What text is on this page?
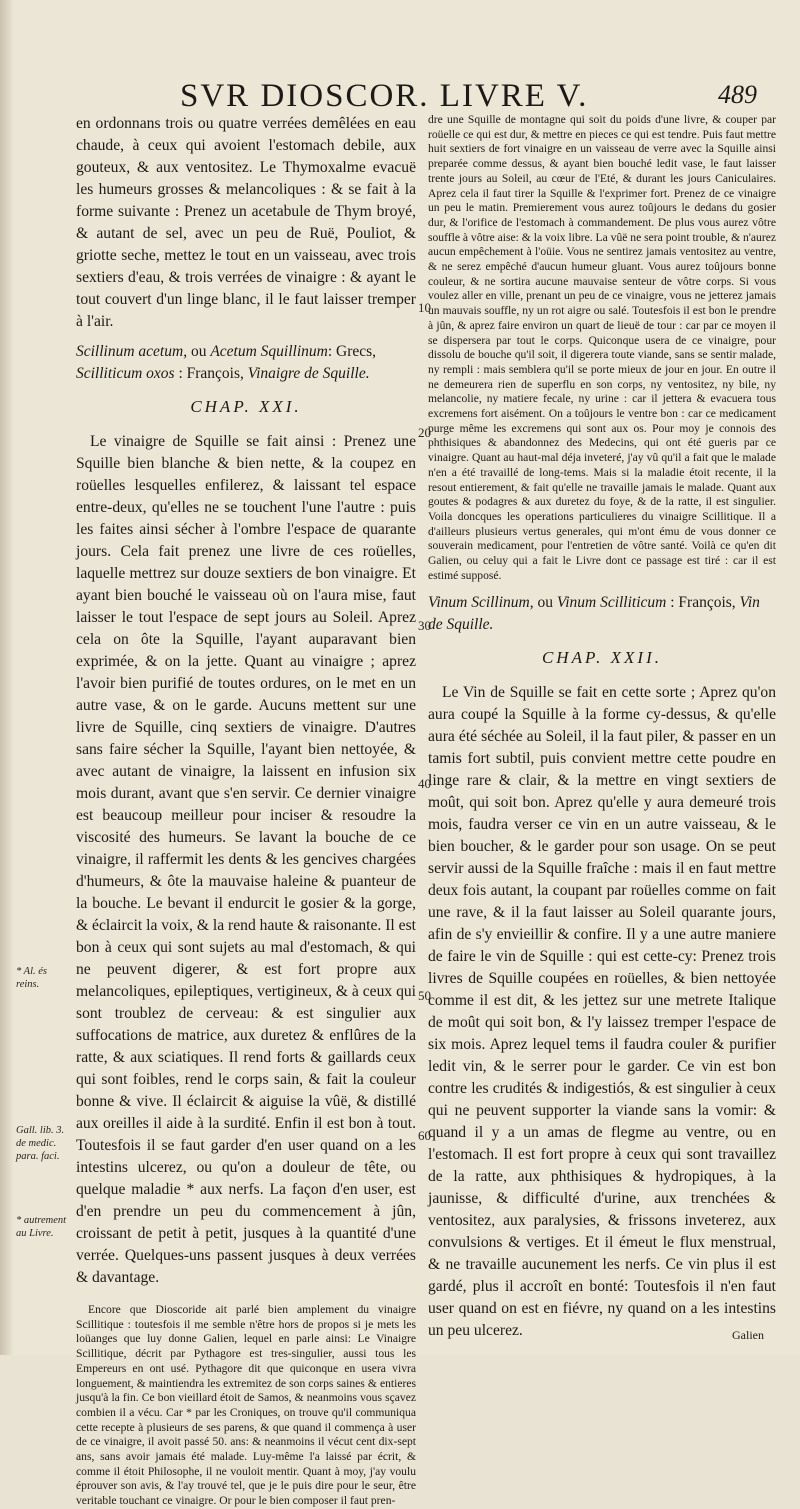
SVR DIOSCOR. LIVRE V.	489

en ordonnans trois ou quatre verrées demêlées en eau chaude, à ceux qui avoient l'estomach debile, aux gouteux, & aux ventositez. Le Thymoxalme evacuë les humeurs grosses & melancoliques : & se fait à la forme suivante : Prenez un acetabule de Thym broyé, & autant de sel, avec un peu de Ruë, Pouliot, & griotte seche, mettez le tout en un vaisseau, avec trois sextiers d'eau, & trois verrées de vinaigre : & ayant le tout couvert d'un linge blanc, il le faut laisser tremper à l'air.

Scillinum acetum, ou Acetum Squillinum: Grecs, Scilliticum oxos : François, Vinaigre de Squille.

CHAP. XXI.

Le vinaigre de Squille se fait ainsi : Prenez une Squille bien blanche & bien nette, & la coupez en roüelles lesquelles enfilerez, & laissant tel espace entre-deux, qu'elles ne se touchent l'une l'autre : puis les faites ainsi sécher à l'ombre l'espace de quarante jours. Cela fait prenez une livre de ces roüelles, laquelle mettrez sur douze sextiers de bon vinaigre. Et ayant bien bouché le vaisseau où on l'aura mise, faut laisser le tout l'espace de sept jours au Soleil. Aprez cela on ôte la Squille, l'ayant auparavant bien exprimée, & on la jette. Quant au vinaigre ; aprez l'avoir bien purifié de toutes ordures, on le met en un autre vase, & on le garde. Aucuns mettent sur une livre de Squille, cinq sextiers de vinaigre. D'autres sans faire sécher la Squille, l'ayant bien nettoyée, & avec autant de vinaigre, la laissent en infusion six mois durant, avant que s'en servir. Ce dernier vinaigre est beaucoup meilleur pour inciser & resoudre la viscosité des humeurs. Se lavant la bouche de ce vinaigre, il raffermit les dents & les gencives chargées d'humeurs, & ôte la mauvaise haleine & puanteur de la bouche. Le bevant il endurcit le gosier & la gorge, & éclaircit la voix, & la rend haute & raisonante. Il est bon à ceux qui sont sujets au mal d'estomach, & qui ne peuvent digerer, & est fort propre aux melancoliques, epileptiques, vertigineux, & à ceux qui sont troublez de cerveau: & est singulier aux suffocations de matrice, aux duretez & enflûres de la ratte, & aux sciatiques. Il rend forts & gaillards ceux qui sont foibles, rend le corps sain, & fait la couleur bonne & vive. Il éclaircit & aiguise la vûë, & distillé aux oreilles il aide à la surdité. Enfin il est bon à tout. Toutesfois il se faut garder d'en user quand on a les intestins ulcerez, ou qu'on a douleur de tête, ou quelque maladie * aux nerfs. La façon d'en user, est d'en prendre un peu du commencement à jûn, croissant de petit à petit, jusques à la quantité d'une verrée. Quelques-uns passent jusques à deux verrées & davantage.

Encore que Dioscoride ait parlé bien amplement du vinaigre Scillitique : toutesfois il me semble n'être hors de propos si je mets les loüanges que luy donne Galien, lequel en parle ainsi: Le Vinaigre Scillitique, décrit par Pythagore est tres-singulier, aussi tous les Empereurs en ont usé. Pythagore dit que quiconque en usera vivra longuement, & maintiendra les extremitez de son corps saines & entieres jusqu'à la fin. Ce bon vieillard étoit de Samos, & neanmoins vous sçavez combien il a vécu. Car * par les Croniques, on trouve qu'il communiqua cette recepte à plusieurs de ses parens, & que quand il commença à user de ce vinaigre, il avoit passé 50. ans: & neanmoins il vécut cent dix-sept ans, sans avoir jamais été malade. Luy-même l'a laissé par écrit, & comme il étoit Philosophe, il ne vouloit mentir. Quant à moy, j'ay voulu éprouver son avis, & l'ay trouvé tel, que je le puis dire pour le seur, être veritable touchant ce vinaigre. Or pour le bien composer il faut pren-

dre une Squille de montagne qui soit du poids d'une livre, & couper par roüelle ce qui est dur, & mettre en pieces ce qui est tendre. Puis faut mettre huit sextiers de fort vinaigre en un vaisseau de verre avec la Squille ainsi preparée comme dessus, & ayant bien bouché ledit vase, le faut laisser trente jours au Soleil, au cœur de l'Eté, & durant les jours Caniculaires. Aprez cela il faut tirer la Squille & l'exprimer fort. Prenez de ce vinaigre un peu le matin. Premierement vous aurez toûjours le dedans du gosier dur, & l'orifice de l'estomach à commandement. De plus vous aurez vôtre souffle à vôtre aise: & la voix libre. La vûë ne sera point trouble, & n'aurez aucun empêchement à l'oüie. Vous ne sentirez jamais ventositez au ventre, & ne serez empêché d'aucun humeur gluant. Vous aurez toûjours bonne couleur, & ne sortira aucune mauvaise senteur de vôtre corps. Si vous voulez aller en ville, prenant un peu de ce vinaigre, vous ne jetterez jamais un mauvais souffle, ny un rot aigre ou salé. Toutesfois il est bon le prendre à jûn, & aprez faire environ un quart de lieuë de tour : car par ce moyen il se dispersera par tout le corps. Quiconque usera de ce vinaigre, pour dissolu de bouche qu'il soit, il digerera toute viande, sans se sentir malade, ny rempli : mais semblera qu'il se porte mieux de jour en jour. En outre il ne demeurera rien de superflu en son corps, ny ventositez, ny bile, ny melancolie, ny matiere fecale, ny urine : car il jettera & evacuera tous excremens fort aisément. On a toûjours le ventre bon : car ce medicament purge même les excremens qui sont aux os. Pour moy je connois des phthisiques & abandonnez des Medecins, qui ont été gueris par ce vinaigre. Quant au haut-mal déja inveteré, j'ay vû qu'il a fait que le malade n'en a été travaillé de long-tems. Mais si la maladie étoit recente, il la resout entierement, & fait qu'elle ne travaille jamais le malade. Quant aux goutes & podagres & aux duretez du foye, & de la ratte, il est singulier. Voila doncques les operations particulieres du vinaigre Scillitique. Il a d'ailleurs plusieurs vertus generales, qui m'ont ému de vous donner ce souverain medicament, pour l'entretien de vôtre santé. Voilà ce qu'en dit Galien, ou celuy qui a fait le Livre dont ce passage est tiré : car il est estimé supposé.

Vinum Scillinum, ou Vinum Scilliticum : François, Vin de Squille.

CHAP. XXII.

Le Vin de Squille se fait en cette sorte ; Aprez qu'on aura coupé la Squille à la forme cy-dessus, & qu'elle aura été séchée au Soleil, il la faut piler, & passer en un tamis fort subtil, puis convient mettre cette poudre en linge rare & clair, & la mettre en vingt sextiers de moût, qui soit bon. Aprez qu'elle y aura demeuré trois mois, faudra verser ce vin en un autre vaisseau, & le bien boucher, & le garder pour son usage. On se peut servir aussi de la Squille fraîche : mais il en faut mettre deux fois autant, la coupant par roüelles comme on fait une rave, & il la faut laisser au Soleil quarante jours, afin de s'y envieillir & confire. Il y a une autre maniere de faire le vin de Squille : qui est cette-cy: Prenez trois livres de Squille coupées en roüelles, & bien nettoyée comme il est dit, & les jettez sur une metrete Italique de moût qui soit bon, & l'y laissez tremper l'espace de six mois. Aprez lequel tems il faudra couler & purifier ledit vin, & le serrer pour le garder. Ce vin est bon contre les crudités & indigestiós, & est singulier à ceux qui ne peuvent supporter la viande sans la vomir: & quand il y a un amas de flegme au ventre, ou en l'estomach. Il est fort propre à ceux qui sont travaillez de la ratte, aux phthisiques & hydropiques, à la jaunisse, & difficulté d'urine, aux trenchées & ventositez, aux paralysies, & frissons inveterez, aux convulsions & vertiges. Et il émeut le flux menstrual, & ne travaille aucunement les nerfs. Ce vin plus il est gardé, plus il accroît en bonté: Toutesfois il n'en faut user quand on est en fiévre, ny quand on a les intestins un peu ulcerez.

10
20
30
40
50
60
* Al. és reins.
Gall. lib. 3. de medic. para. faci.
* autrement au Livre.
Galien
